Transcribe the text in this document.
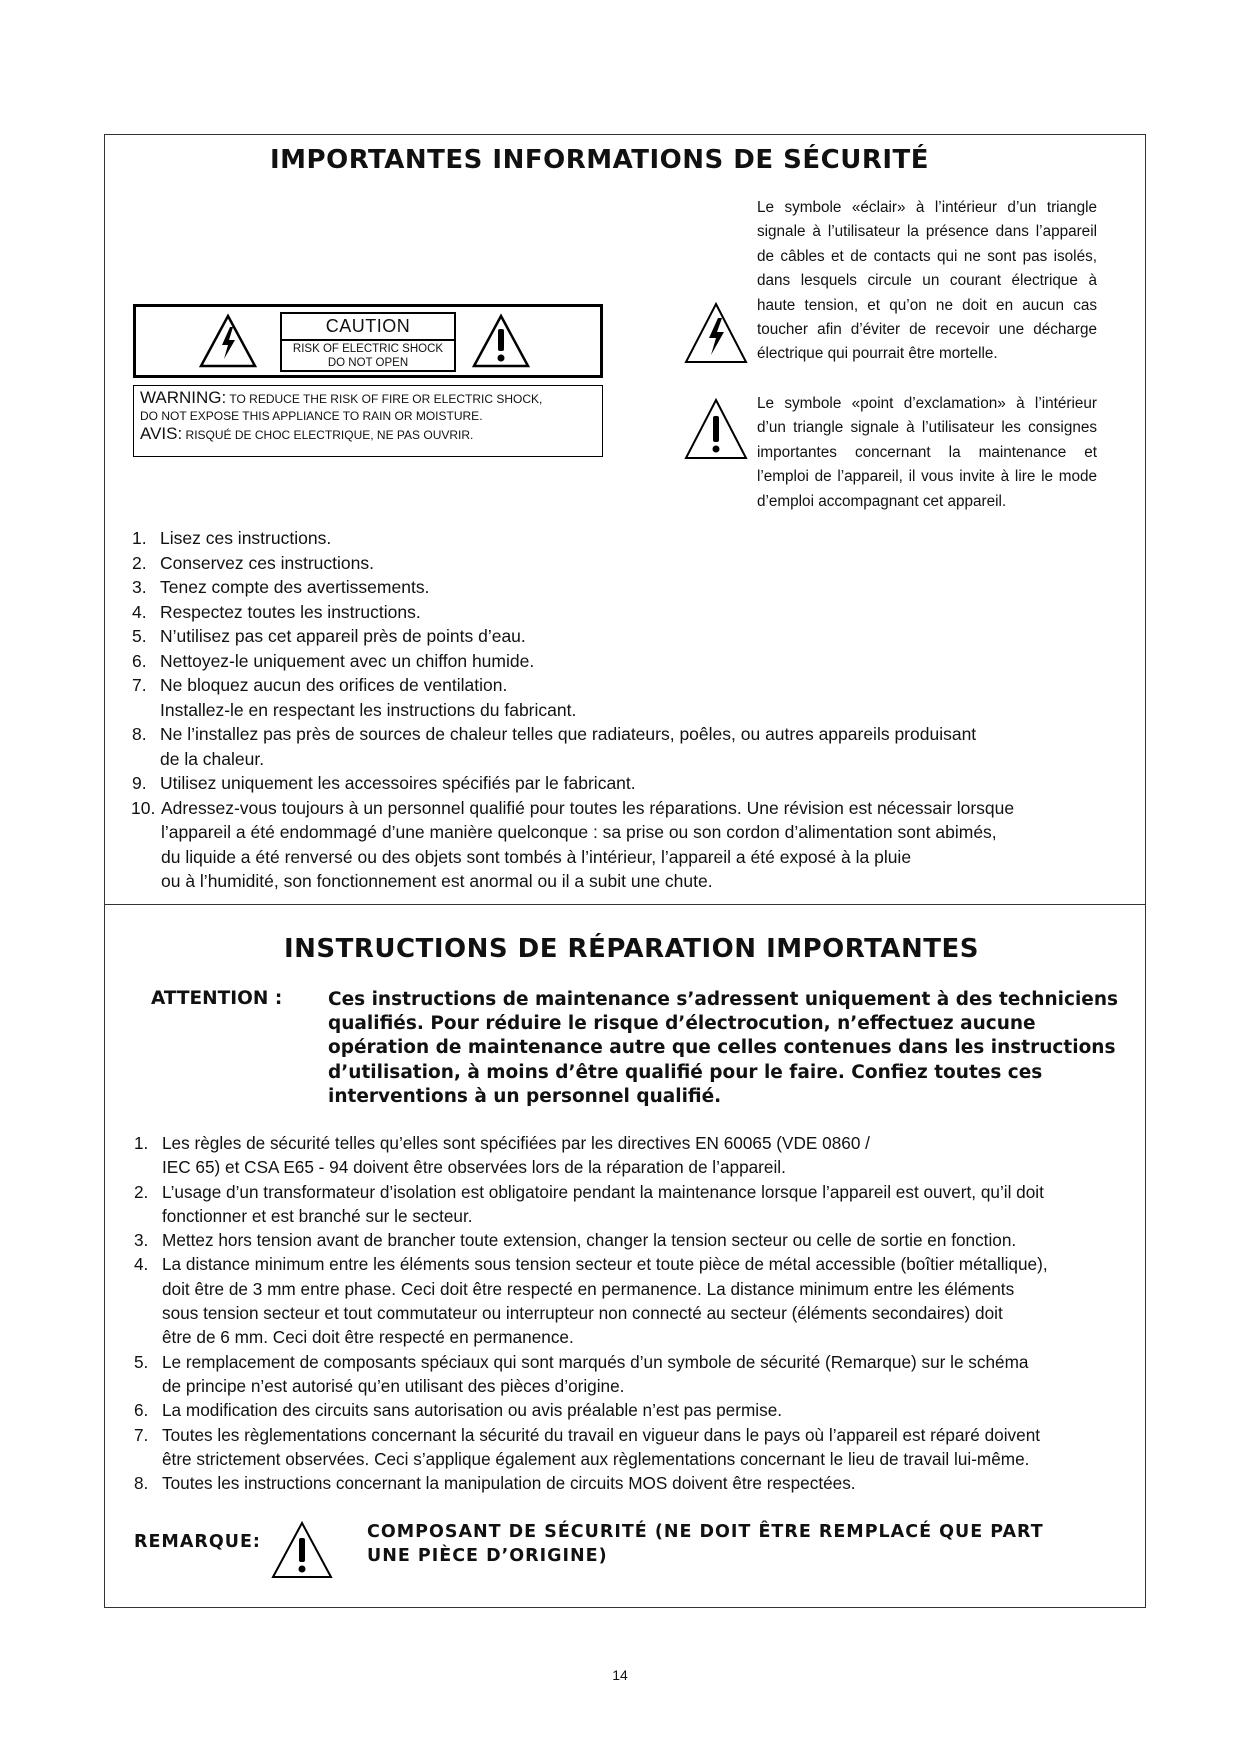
IMPORTANTES INFORMATIONS DE SÉCURITÉ
CAUTION
RISK OF ELECTRIC SHOCK
DO NOT OPEN
WARNING: TO REDUCE THE RISK OF FIRE OR ELECTRIC SHOCK,
DO NOT EXPOSE THIS APPLIANCE TO RAIN OR MOISTURE.
AVIS: RISQUÉ DE CHOC ELECTRIQUE, NE PAS OUVRIR.
Le symbole «éclair» à l’intérieur d’un triangle signale à l’utilisateur la présence dans l’appareil de câbles et de contacts qui ne sont pas isolés, dans lesquels circule un courant électrique à haute tension, et qu’on ne doit en aucun cas toucher afin d’éviter de recevoir une décharge électrique qui pourrait être mortelle.
Le symbole «point d’exclamation» à l’intérieur d’un triangle signale à l’utilisateur les consignes importantes concernant la maintenance et l’emploi de l’appareil, il vous invite à lire le mode d’emploi accompagnant cet appareil.
1. Lisez ces instructions.
2. Conservez ces instructions.
3. Tenez compte des avertissements.
4. Respectez toutes les instructions.
5. N’utilisez pas cet appareil près de points d’eau.
6. Nettoyez-le uniquement avec un chiffon humide.
7. Ne bloquez aucun des orifices de ventilation.
Installez-le en respectant les instructions du fabricant.
8. Ne l’installez pas près de sources de chaleur telles que radiateurs, poêles, ou autres appareils produisant
de la chaleur.
9. Utilisez uniquement les accessoires spécifiés par le fabricant.
10. Adressez-vous toujours à un personnel qualifié pour toutes les réparations. Une révision est nécessair lorsque
l’appareil a été endommagé d’une manière quelconque : sa prise ou son cordon d’alimentation sont abimés,
du liquide a été renversé ou des objets sont tombés à l’intérieur, l’appareil a été exposé à la pluie
ou à l’humidité, son fonctionnement est anormal ou il a subit une chute.
INSTRUCTIONS DE RÉPARATION IMPORTANTES
ATTENTION : Ces instructions de maintenance s’adressent uniquement à des techniciens qualifiés. Pour réduire le risque d’électrocution, n’effectuez aucune opération de maintenance autre que celles contenues dans les instructions d’utilisation, à moins d’être qualifié pour le faire. Confiez toutes ces interventions à un personnel qualifié.
1. Les règles de sécurité telles qu’elles sont spécifiées par les directives EN 60065 (VDE 0860 /
IEC 65) et CSA E65 - 94 doivent être observées lors de la réparation de l’appareil.
2. L’usage d’un transformateur d’isolation est obligatoire pendant la maintenance lorsque l’appareil est ouvert, qu’il doit
fonctionner et est branché sur le secteur.
3. Mettez hors tension avant de brancher toute extension, changer la tension secteur ou celle de sortie en fonction.
4. La distance minimum entre les éléments sous tension secteur et toute pièce de métal accessible (boîtier métallique),
doit être de 3 mm entre phase. Ceci doit être respecté en permanence. La distance minimum entre les éléments
sous tension secteur et tout commutateur ou interrupteur non connecté au secteur (éléments secondaires) doit
être de 6 mm. Ceci doit être respecté en permanence.
5. Le remplacement de composants spéciaux qui sont marqués d’un symbole de sécurité (Remarque) sur le schéma
de principe n’est autorisé qu’en utilisant des pièces d’origine.
6. La modification des circuits sans autorisation ou avis préalable n’est pas permise.
7. Toutes les règlementations concernant la sécurité du travail en vigueur dans le pays où l’appareil est réparé doivent
être strictement observées. Ceci s’applique également aux règlementations concernant le lieu de travail lui-même.
8. Toutes les instructions concernant la manipulation de circuits MOS doivent être respectées.
REMARQUE:	COMPOSANT DE SÉCURITÉ (NE DOIT ÊTRE REMPLACÉ QUE PART
UNE PIÈCE D’ORIGINE)
14
